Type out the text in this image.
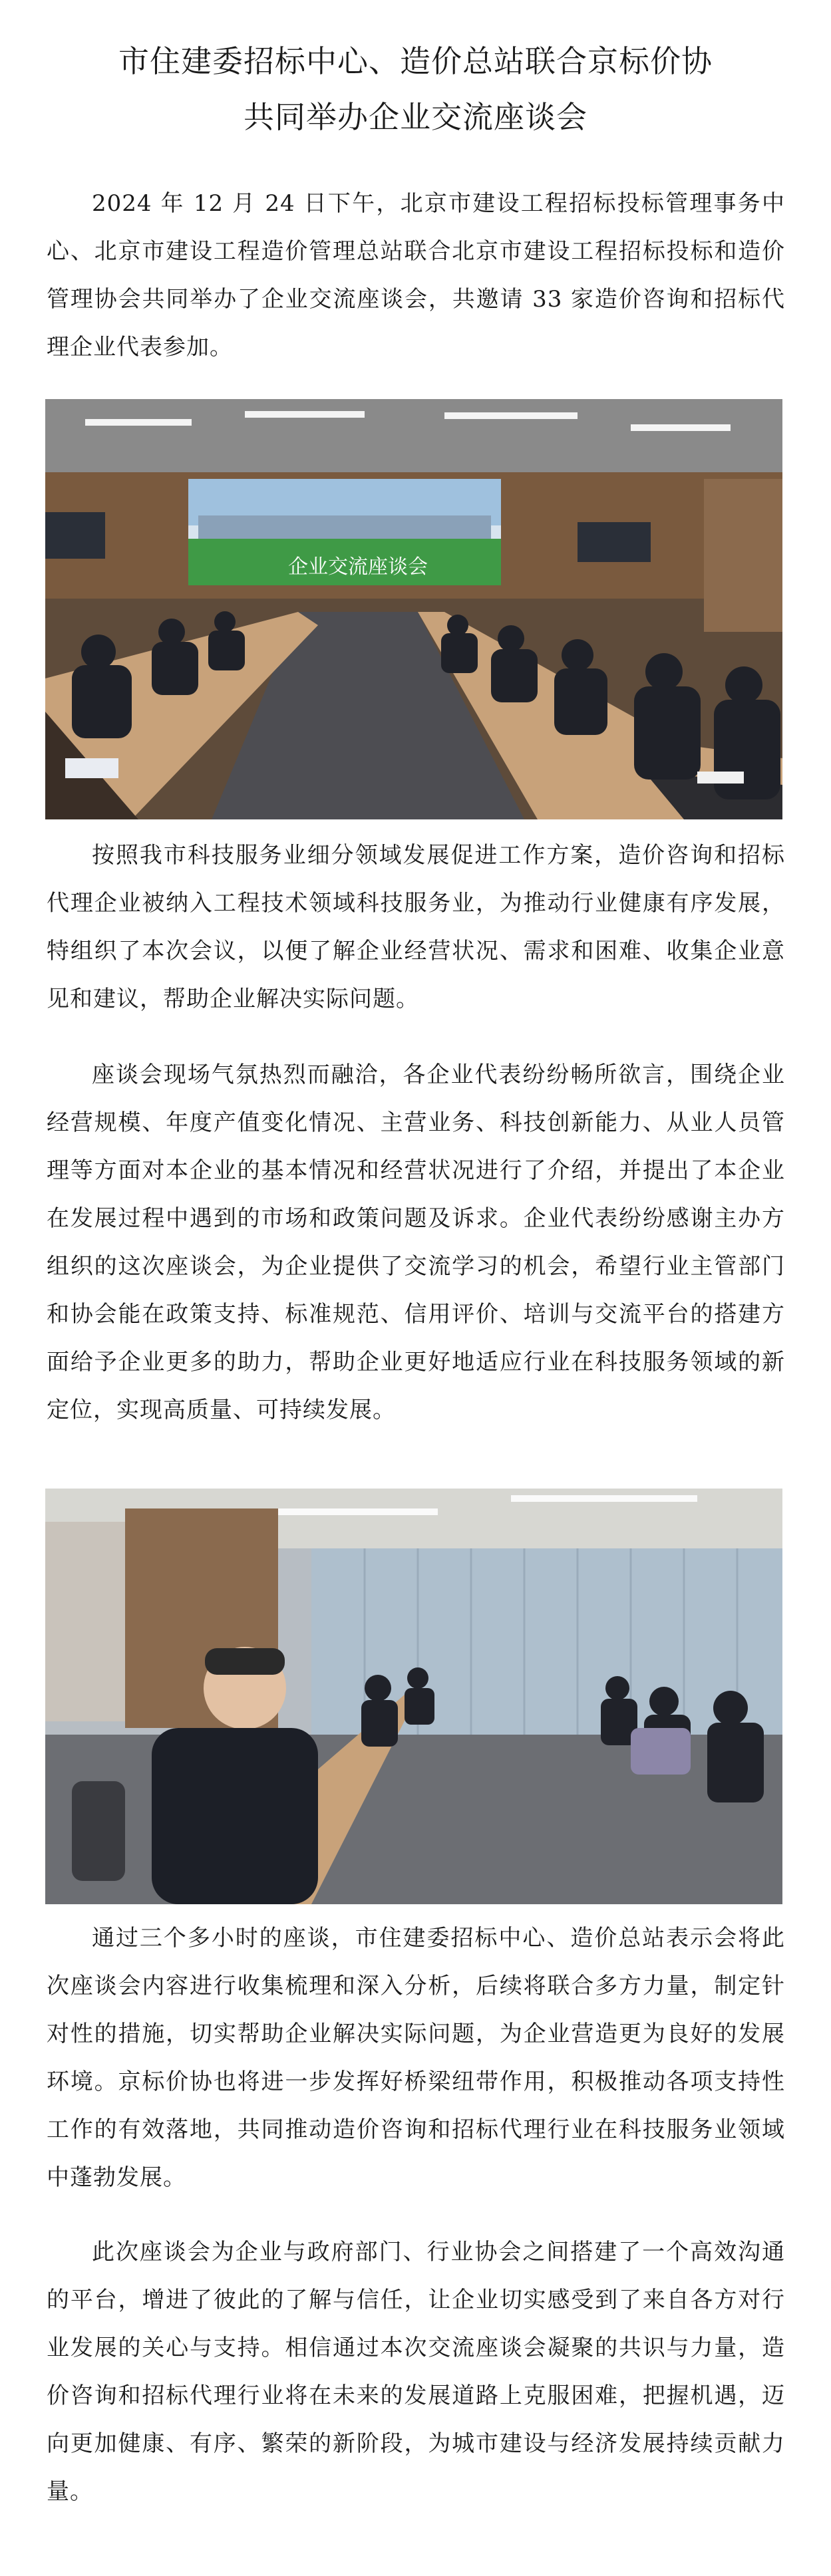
市住建委招标中心、造价总站联合京标价协
共同举办企业交流座谈会

2024 年 12 月 24 日下午，北京市建设工程招标投标管理事务中心、北京市建设工程造价管理总站联合北京市建设工程招标投标和造价管理协会共同举办了企业交流座谈会，共邀请 33 家造价咨询和招标代理企业代表参加。

企业交流座谈会

按照我市科技服务业细分领域发展促进工作方案，造价咨询和招标代理企业被纳入工程技术领域科技服务业，为推动行业健康有序发展，特组织了本次会议，以便了解企业经营状况、需求和困难、收集企业意见和建议，帮助企业解决实际问题。

座谈会现场气氛热烈而融洽，各企业代表纷纷畅所欲言，围绕企业经营规模、年度产值变化情况、主营业务、科技创新能力、从业人员管理等方面对本企业的基本情况和经营状况进行了介绍，并提出了本企业在发展过程中遇到的市场和政策问题及诉求。企业代表纷纷感谢主办方组织的这次座谈会，为企业提供了交流学习的机会，希望行业主管部门和协会能在政策支持、标准规范、信用评价、培训与交流平台的搭建方面给予企业更多的助力，帮助企业更好地适应行业在科技服务领域的新定位，实现高质量、可持续发展。

通过三个多小时的座谈，市住建委招标中心、造价总站表示会将此次座谈会内容进行收集梳理和深入分析，后续将联合多方力量，制定针对性的措施，切实帮助企业解决实际问题，为企业营造更为良好的发展环境。京标价协也将进一步发挥好桥梁纽带作用，积极推动各项支持性工作的有效落地，共同推动造价咨询和招标代理行业在科技服务业领域中蓬勃发展。

此次座谈会为企业与政府部门、行业协会之间搭建了一个高效沟通的平台，增进了彼此的了解与信任，让企业切实感受到了来自各方对行业发展的关心与支持。相信通过本次交流座谈会凝聚的共识与力量，造价咨询和招标代理行业将在未来的发展道路上克服困难，把握机遇，迈向更加健康、有序、繁荣的新阶段，为城市建设与经济发展持续贡献力量。
